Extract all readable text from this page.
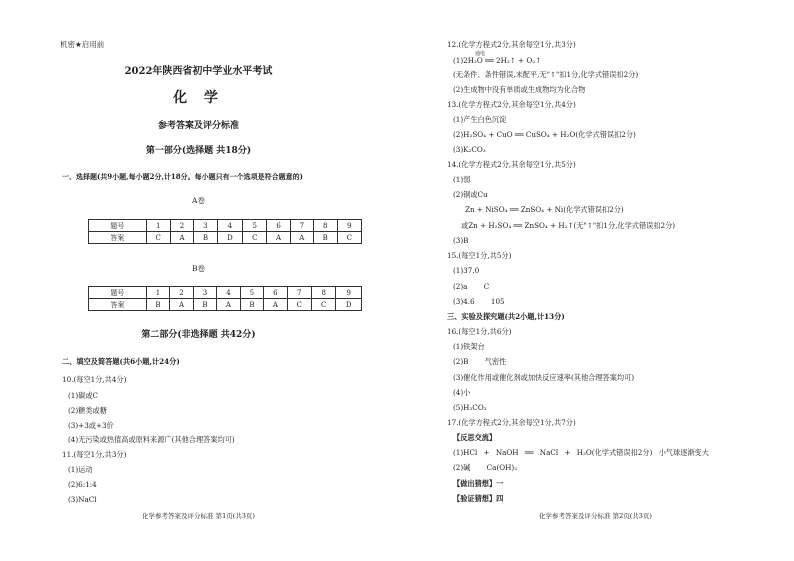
机密★启用前
2022年陕西省初中学业水平考试
化 学
参考答案及评分标准
第一部分(选择题 共18分)
一、选择题(共9小题,每小题2分,计18分。每小题只有一个选项是符合题意的)
A卷
题号	1	2	3	4	5	6	7	8	9
答案	C	A	B	D	C	A	A	B	C
B卷
题号	1	2	3	4	5	6	7	8	9
答案	B	A	B	A	B	A	C	C	D
第二部分(非选择题 共42分)
二、填空及简答题(共6小题,计24分)
10.(每空1分,共4分)
(1)碳或C
(2)糖类或糖
(3)+3或+3价
(4)无污染或热值高或原料来源广(其他合理答案均可)
11.(每空1分,共3分)
(1)运动
(2)6:1:4
(3)NaCl
化学参考答案及评分标准 第1页(共3页)
12.(化学方程式2分,其余每空1分,共3分)
通电
(1)2H₂O ══ 2H₂↑ + O₂↑
(无条件、条件错误,未配平,无"↑"扣1分,化学式错误扣2分)
(2)生成物中没有单质或生成物均为化合物
13.(化学方程式2分,其余每空1分,共4分)
(1)产生白色沉淀
(2)H₂SO₄ + CuO ══ CuSO₄ + H₂O(化学式错误扣2分)
(3)K₂CO₃
14.(化学方程式2分,其余每空1分,共5分)
(1)弱
(2)铜或Cu
Zn + NiSO₄ ══ ZnSO₄ + Ni(化学式错误扣2分)
或Zn + H₂SO₄ ══ ZnSO₄ + H₂↑(无"↑"扣1分,化学式错误扣2分)
(3)B
15.(每空1分,共5分)
(1)37.0
(2)a C
(3)4.6 105
三、实验及探究题(共2小题,计13分)
16.(每空1分,共6分)
(1)铁架台
(2)B 气密性
(3)催化作用或催化剂或加快反应速率(其他合理答案均可)
(4)小
(5)H₂CO₃
17.(化学方程式2分,其余每空1分,共7分)
【反思交流】
(1)HCl + NaOH ══ NaCl + H₂O(化学式错误扣2分) 小气球逐渐变大
(2)碱 Ca(OH)₂
【做出猜想】一
【验证猜想】四
化学参考答案及评分标准 第2页(共3页)
